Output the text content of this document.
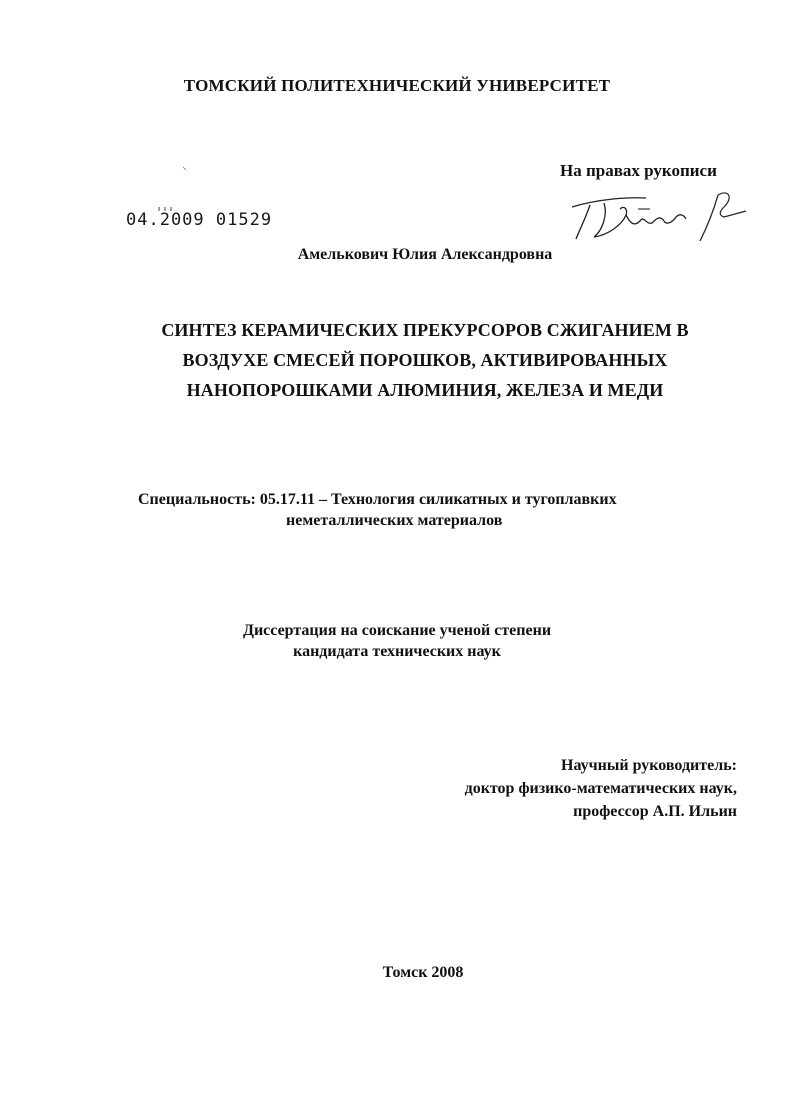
ТОМСКИЙ ПОЛИТЕХНИЧЕСКИЙ УНИВЕРСИТЕТ
На правах рукописи
04.2009 01529
Амелькович Юлия Александровна
СИНТЕЗ КЕРАМИЧЕСКИХ ПРЕКУРСОРОВ СЖИГАНИЕМ В
ВОЗДУХЕ СМЕСЕЙ ПОРОШКОВ, АКТИВИРОВАННЫХ
НАНОПОРОШКАМИ АЛЮМИНИЯ, ЖЕЛЕЗА И МЕДИ
Специальность: 05.17.11 – Технология силикатных и тугоплавких
неметаллических материалов
Диссертация на соискание ученой степени
кандидата технических наук
Научный руководитель:
доктор физико-математических наук,
профессор А.П. Ильин
Томск 2008
